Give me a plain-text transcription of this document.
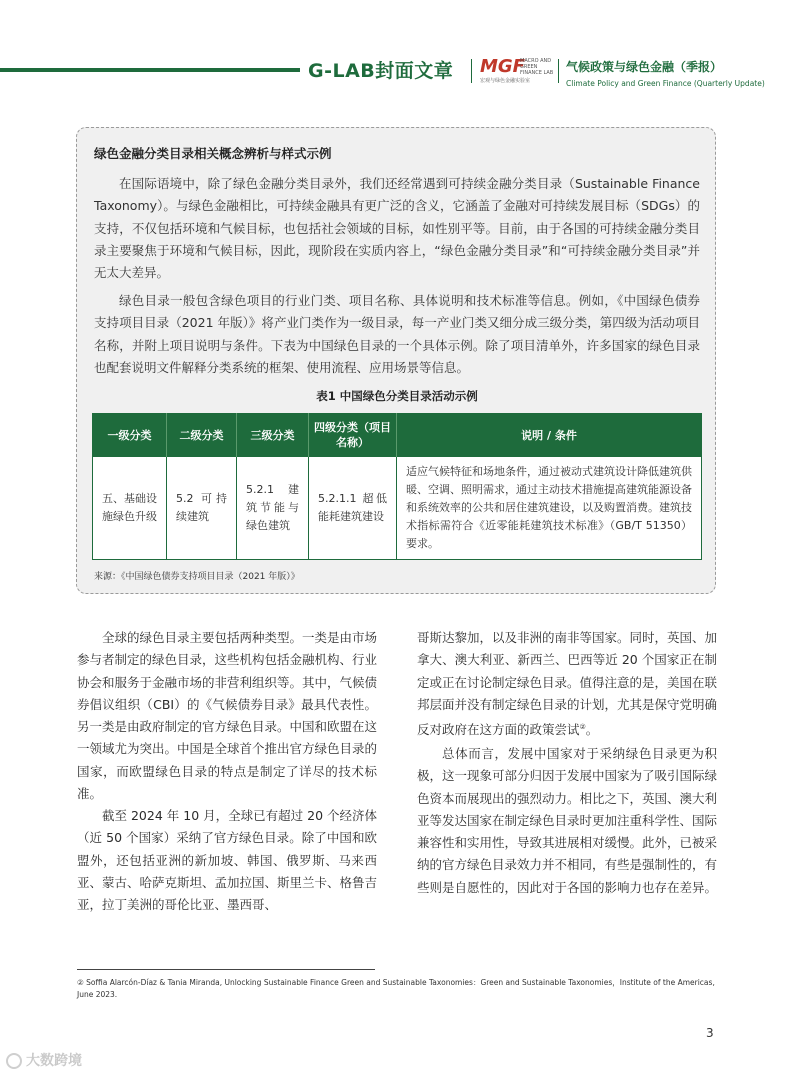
G-LAB封面文章 MGF
MACRO AND GREEN FINANCE LAB
宏观与绿色金融实验室
气候政策与绿色金融（季报）
Climate Policy and Green Finance (Quarterly Update)
绿色金融分类目录相关概念辨析与样式示例

在国际语境中，除了绿色金融分类目录外，我们还经常遇到可持续金融分类目录（Sustainable Finance Taxonomy）。与绿色金融相比，可持续金融具有更广泛的含义，它涵盖了金融对可持续发展目标（SDGs）的支持，不仅包括环境和气候目标，也包括社会领域的目标，如性别平等。目前，由于各国的可持续金融分类目录主要聚焦于环境和气候目标，因此，现阶段在实质内容上，“绿色金融分类目录”和“可持续金融分类目录”并无太大差异。

绿色目录一般包含绿色项目的行业门类、项目名称、具体说明和技术标准等信息。例如，《中国绿色债券支持项目目录（2021 年版）》将产业门类作为一级目录，每一产业门类又细分成三级分类，第四级为活动项目名称，并附上项目说明与条件。下表为中国绿色目录的一个具体示例。除了项目清单外，许多国家的绿色目录也配套说明文件解释分类系统的框架、使用流程、应用场景等信息。

表1 中国绿色分类目录活动示例
一级分类	二级分类	三级分类	四级分类（项目名称）	说明 / 条件
五、基础设施绿色升级	5.2 可持续建筑	5.2.1 建筑节能与绿色建筑	5.2.1.1 超低能耗建筑建设	适应气候特征和场地条件，通过被动式建筑设计降低建筑供暖、空调、照明需求，通过主动技术措施提高建筑能源设备和系统效率的公共和居住建筑建设，以及购置消费。建筑技术指标需符合《近零能耗建筑技术标准》（GB/T 51350）要求。
来源：《中国绿色债券支持项目目录（2021 年版）》

全球的绿色目录主要包括两种类型。一类是由市场参与者制定的绿色目录，这些机构包括金融机构、行业协会和服务于金融市场的非营利组织等。其中，气候债券倡议组织（CBI）的《气候债券目录》最具代表性。另一类是由政府制定的官方绿色目录。中国和欧盟在这一领域尤为突出。中国是全球首个推出官方绿色目录的国家，而欧盟绿色目录的特点是制定了详尽的技术标准。

截至 2024 年 10 月，全球已有超过 20 个经济体（近 50 个国家）采纳了官方绿色目录。除了中国和欧盟外，还包括亚洲的新加坡、韩国、俄罗斯、马来西亚、蒙古、哈萨克斯坦、孟加拉国、斯里兰卡、格鲁吉亚，拉丁美洲的哥伦比亚、墨西哥、

哥斯达黎加，以及非洲的南非等国家。同时，英国、加拿大、澳大利亚、新西兰、巴西等近 20 个国家正在制定或正在讨论制定绿色目录。值得注意的是，美国在联邦层面并没有制定绿色目录的计划，尤其是保守党明确反对政府在这方面的政策尝试②。

总体而言，发展中国家对于采纳绿色目录更为积极，这一现象可部分归因于发展中国家为了吸引国际绿色资本而展现出的强烈动力。相比之下，英国、澳大利亚等发达国家在制定绿色目录时更加注重科学性、国际兼容性和实用性，导致其进展相对缓慢。此外，已被采纳的官方绿色目录效力并不相同，有些是强制性的，有些则是自愿性的，因此对于各国的影响力也存在差异。

② Soffia Alarcón-Díaz & Tania Miranda, Unlocking Sustainable Finance Green and Sustainable Taxonomies：Green and Sustainable Taxonomies，Institute of the Americas, June 2023.
3
大数跨境
